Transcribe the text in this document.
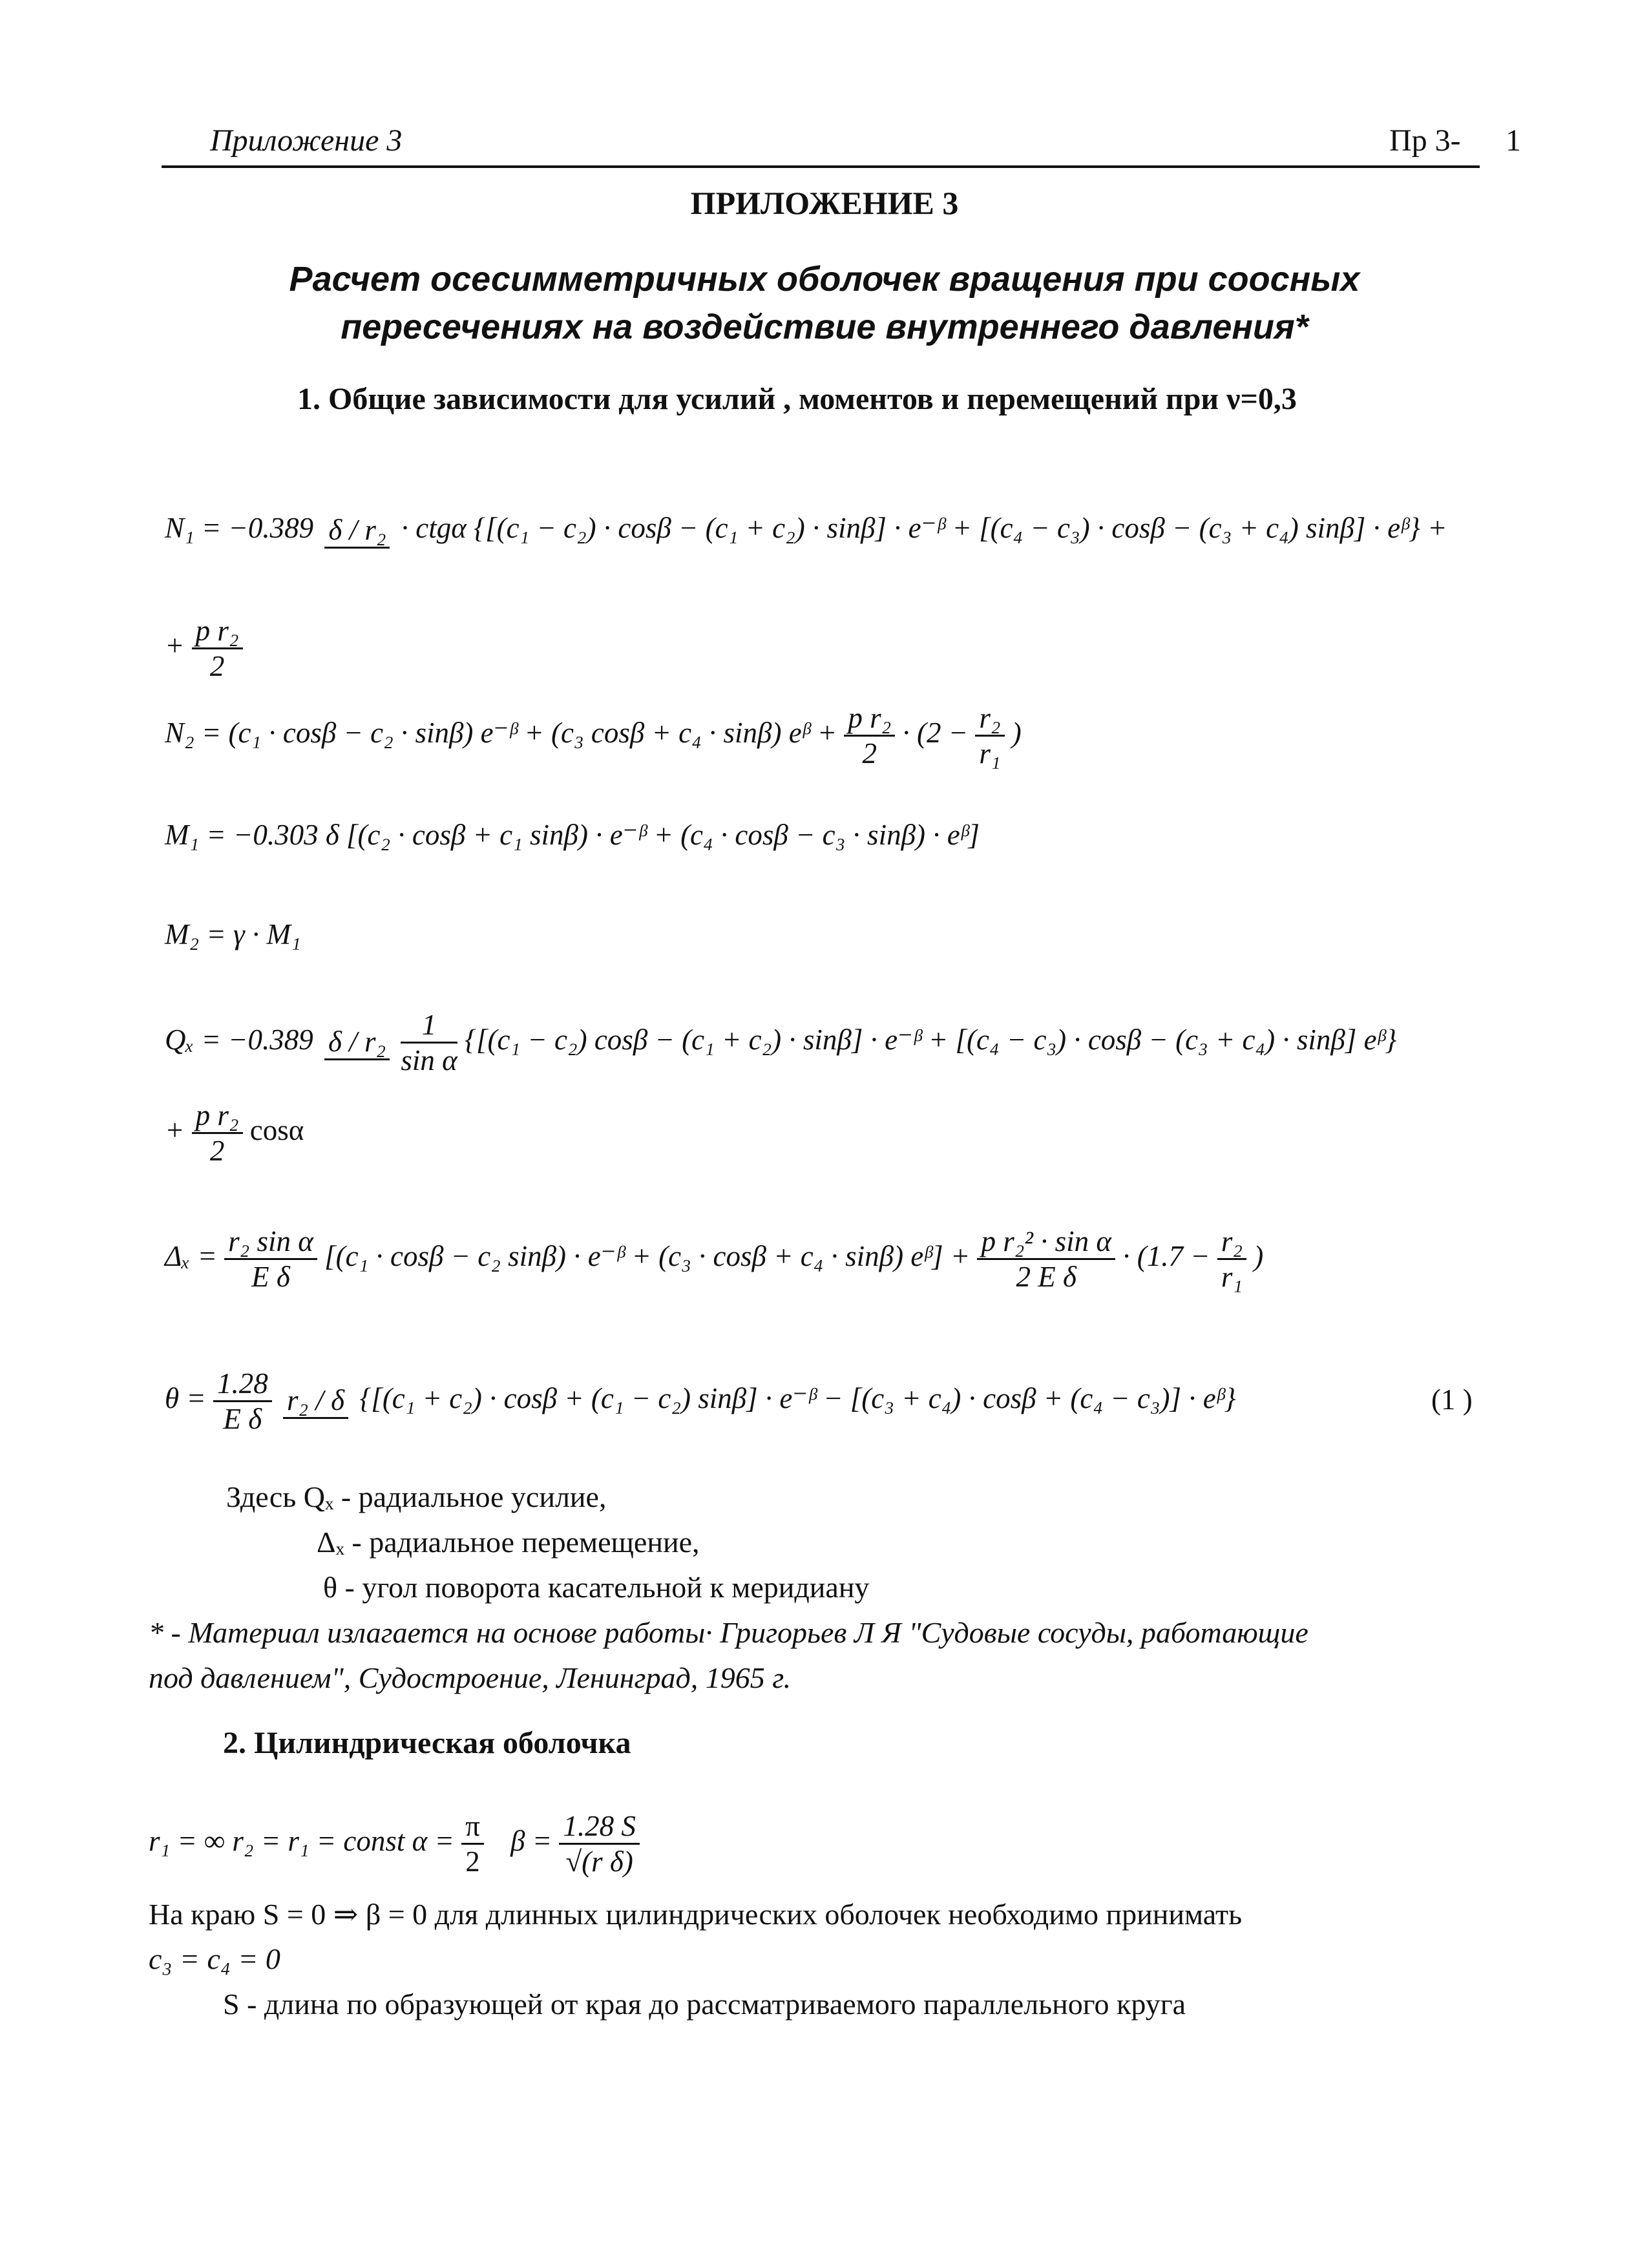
Приложение 3	Пр 3- 1
ПРИЛОЖЕНИЕ 3
Расчет осесимметричных оболочек вращения при соосных
пересечениях на воздействие внутреннего давления*
1. Общие зависимости для усилий , моментов и перемещений при ν=0,3
N₁ = −0.389 δ / r₂ · ctgα {[(c₁ − c₂) · cosβ − (c₁ + c₂) · sinβ] · e⁻ᵝ + [(c₄ − c₃) · cosβ − (c₃ + c₄) sinβ] · eᵝ} +
+ $\frac{\text{p r₂}}{2}$
N₂ = (c₁ · cosβ − c₂ · sinβ) e⁻ᵝ + (c₃ cosβ + c₄ · sinβ) eᵝ + $\frac{\text{p r₂}}{2} \cdot (2 - \frac{\text{r₂}}{\text{r₁}}$ )
M₁ = −0.303 δ [(c₂ · cosβ + c₁ sinβ) · e⁻ᵝ + (c₄ · cosβ − c₃ · sinβ) · eᵝ]
M₂ = γ · M₁
Qₓ = −0.389 δ / r₂
$\frac{1}{\text{sin α}} \{[(c_1 - c_2) \cos\beta - (c_1 + c_2) \cdot \sin\beta]$ · e⁻ᵝ + [(c₄ − c₃) · cosβ − (c₃ + c₄) · sinβ] eᵝ}
+ $\frac{\text{p r₂}}{2}$ cosα
$\Delta_x = \frac{\text{r₂ sin α}}{\text{E δ}} [(c_1 \cdot \cos\beta - c_2$ sinβ) · e⁻ᵝ + (c₃ · cosβ + c₄ · sinβ) eᵝ] + $\frac{\text{p r₂² · sin α}}{\text{2 E δ}} \cdot (1.7 - \frac{\text{r₂}}{\text{r₁}}$ )
$\theta = \frac{1.28}{\text{E δ}}$
r₂ / δ {[(c₁ + c₂) · cosβ + (c₁ − c₂) sinβ] · e⁻ᵝ − [(c₃ + c₄) · cosβ + (c₄ − c₃)] · eᵝ}	(1 )
Здесь Qₓ - радиальное усилие,
Δₓ - радиальное перемещение,
θ - угол поворота касательной к меридиану
* - Материал излагается на основе работы· Григорьев Л Я "Судовые сосуды, работающие
под давлением", Судостроение, Ленинград, 1965 г.
2. Цилиндрическая оболочка
r₁ = ∞ r₂ = r₁ = const $\alpha = \frac{\pi}{2}$ $\beta = \frac{1.28 S}{\text{√(r δ)}}$
На краю S = 0 ⇒ β = 0 для длинных цилиндрических оболочек необходимо принимать
c₃ = c₄ = 0
S - длина по образующей от края до рассматриваемого параллельного круга
